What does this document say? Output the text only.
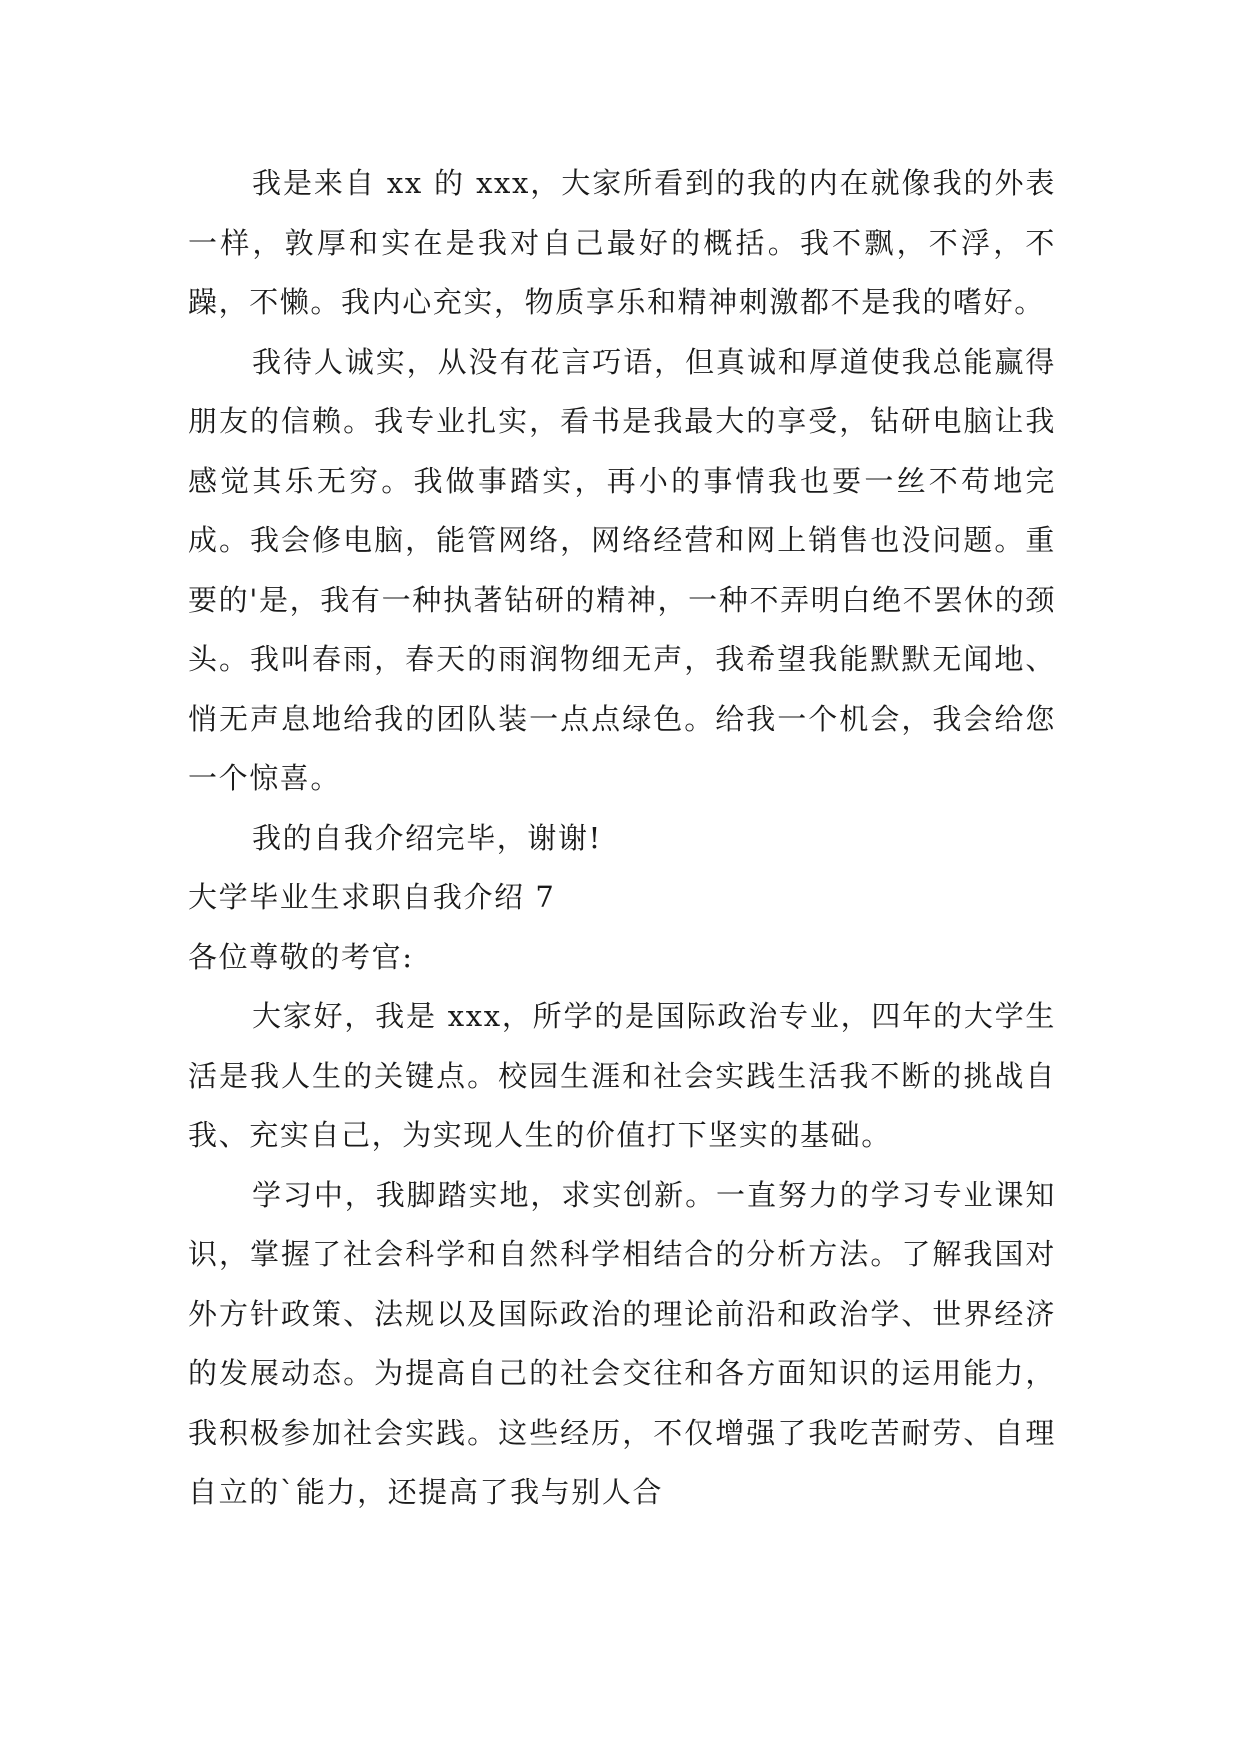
我是来自 xx 的 xxx，大家所看到的我的内在就像我的外表一样，敦厚和实在是我对自己最好的概括。我不飘，不浮，不躁，不懒。我内心充实，物质享乐和精神刺激都不是我的嗜好。

我待人诚实，从没有花言巧语，但真诚和厚道使我总能赢得朋友的信赖。我专业扎实，看书是我最大的享受，钻研电脑让我感觉其乐无穷。我做事踏实，再小的事情我也要一丝不苟地完成。我会修电脑，能管网络，网络经营和网上销售也没问题。重要的'是，我有一种执著钻研的精神，一种不弄明白绝不罢休的颈头。我叫春雨，春天的雨润物细无声，我希望我能默默无闻地、悄无声息地给我的团队装一点点绿色。给我一个机会，我会给您一个惊喜。

我的自我介绍完毕，谢谢!

大学毕业生求职自我介绍 7

各位尊敬的考官:

大家好，我是 xxx，所学的是国际政治专业，四年的大学生活是我人生的关键点。校园生涯和社会实践生活我不断的挑战自我、充实自己，为实现人生的价值打下坚实的基础。

学习中，我脚踏实地，求实创新。一直努力的学习专业课知识，掌握了社会科学和自然科学相结合的分析方法。了解我国对外方针政策、法规以及国际政治的理论前沿和政治学、世界经济的发展动态。为提高自己的社会交往和各方面知识的运用能力，我积极参加社会实践。这些经历，不仅增强了我吃苦耐劳、自理自立的`能力，还提高了我与别人合
